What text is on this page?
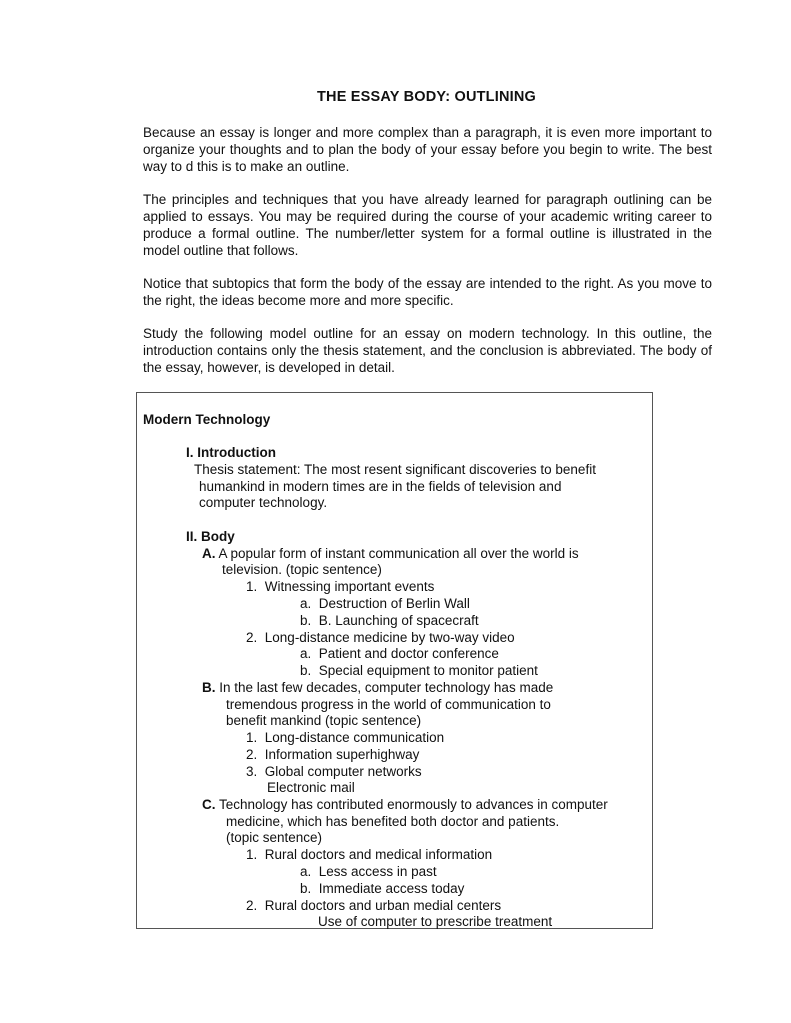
THE ESSAY BODY: OUTLINING

Because an essay is longer and more complex than a paragraph, it is even more important to organize your thoughts and to plan the body of your essay before you begin to write. The best way to d this is to make an outline.

The principles and techniques that you have already learned for paragraph outlining can be applied to essays. You may be required during the course of your academic writing career to produce a formal outline. The number/letter system for a formal outline is illustrated in the model outline that follows.

Notice that subtopics that form the body of the essay are intended to the right. As you move to the right, the ideas become more and more specific.

Study the following model outline for an essay on modern technology. In this outline, the introduction contains only the thesis statement, and the conclusion is abbreviated. The body of the essay, however, is developed in detail.

Modern Technology
I. Introduction
Thesis statement: The most resent significant discoveries to benefit
humankind in modern times are in the fields of television and
computer technology.
II. Body
A. A popular form of instant communication all over the world is
television. (topic sentence)
1. Witnessing important events
a. Destruction of Berlin Wall
b. B. Launching of spacecraft
2. Long-distance medicine by two-way video
a. Patient and doctor conference
b. Special equipment to monitor patient
B. In the last few decades, computer technology has made
tremendous progress in the world of communication to
benefit mankind (topic sentence)
1. Long-distance communication
2. Information superhighway
3. Global computer networks
Electronic mail
C. Technology has contributed enormously to advances in computer
medicine, which has benefited both doctor and patients.
(topic sentence)
1. Rural doctors and medical information
a. Less access in past
b. Immediate access today
2. Rural doctors and urban medial centers
Use of computer to prescribe treatment
